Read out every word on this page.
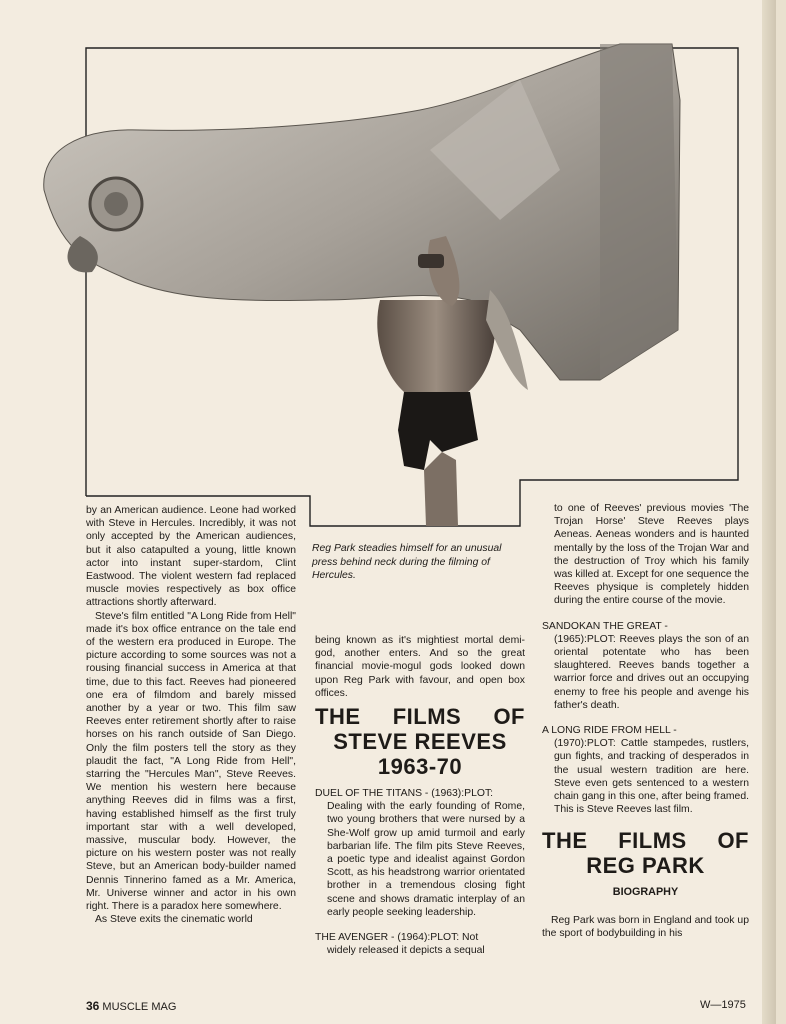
by an American audience. Leone had worked with Steve in Hercules. Incredibly, it was not only accepted by the American audiences, but it also catapulted a young, little known actor into instant super-stardom, Clint Eastwood. The violent western fad replaced muscle movies respectively as box office attractions shortly afterward.

Steve's film entitled "A Long Ride from Hell" made it's box office entrance on the tale end of the western era produced in Europe. The picture according to some sources was not a rousing financial success in America at that time, due to this fact. Reeves had pioneered one era of filmdom and barely missed another by a year or two. This film saw Reeves enter retirement shortly after to raise horses on his ranch outside of San Diego. Only the film posters tell the story as they plaudit the fact, "A Long Ride from Hell", starring the "Hercules Man", Steve Reeves. We mention his western here because anything Reeves did in films was a first, having established himself as the first truly important star with a well developed, massive, muscular body. However, the picture on his western poster was not really Steve, but an American body-builder named Dennis Tinnerino famed as a Mr. America, Mr. Universe winner and actor in his own right. There is a paradox here somewhere.

As Steve exits the cinematic world

Reg Park steadies himself for an unusual press behind neck during the filming of Hercules.

being known as it's mightiest mortal demi-god, another enters. And so the great financial movie-mogul gods looked down upon Reg Park with favour, and open box offices.

THE FILMS OF
STEVE REEVES
1963-70
DUEL OF THE TITANS - (1963):PLOT:
Dealing with the early founding of Rome, two young brothers that were nursed by a She-Wolf grow up amid turmoil and early barbarian life. The film pits Steve Reeves, a poetic type and idealist against Gordon Scott, as his headstrong warrior orientated brother in a tremendous closing fight scene and shows dramatic interplay of an early people seeking leadership.
THE AVENGER - (1964):PLOT: Not
widely released it depicts a sequal

to one of Reeves' previous movies 'The Trojan Horse' Steve Reeves plays Aeneas. Aeneas wonders and is haunted mentally by the loss of the Trojan War and the destruction of Troy which his family was killed at. Except for one sequence the Reeves physique is completely hidden during the entire course of the movie.

SANDOKAN THE GREAT -
(1965):PLOT: Reeves plays the son of an oriental potentate who has been slaughtered. Reeves bands together a warrior force and drives out an occupying enemy to free his people and avenge his father's death.
A LONG RIDE FROM HELL -
(1970):PLOT: Cattle stampedes, rustlers, gun fights, and tracking of desperados in the usual western tradition are here. Steve even gets sentenced to a western chain gang in this one, after being framed. This is Steve Reeves last film.
THE FILMS OF
REG PARK
BIOGRAPHY

Reg Park was born in England and took up the sport of bodybuilding in his

36 MUSCLE MAG	W—1975
